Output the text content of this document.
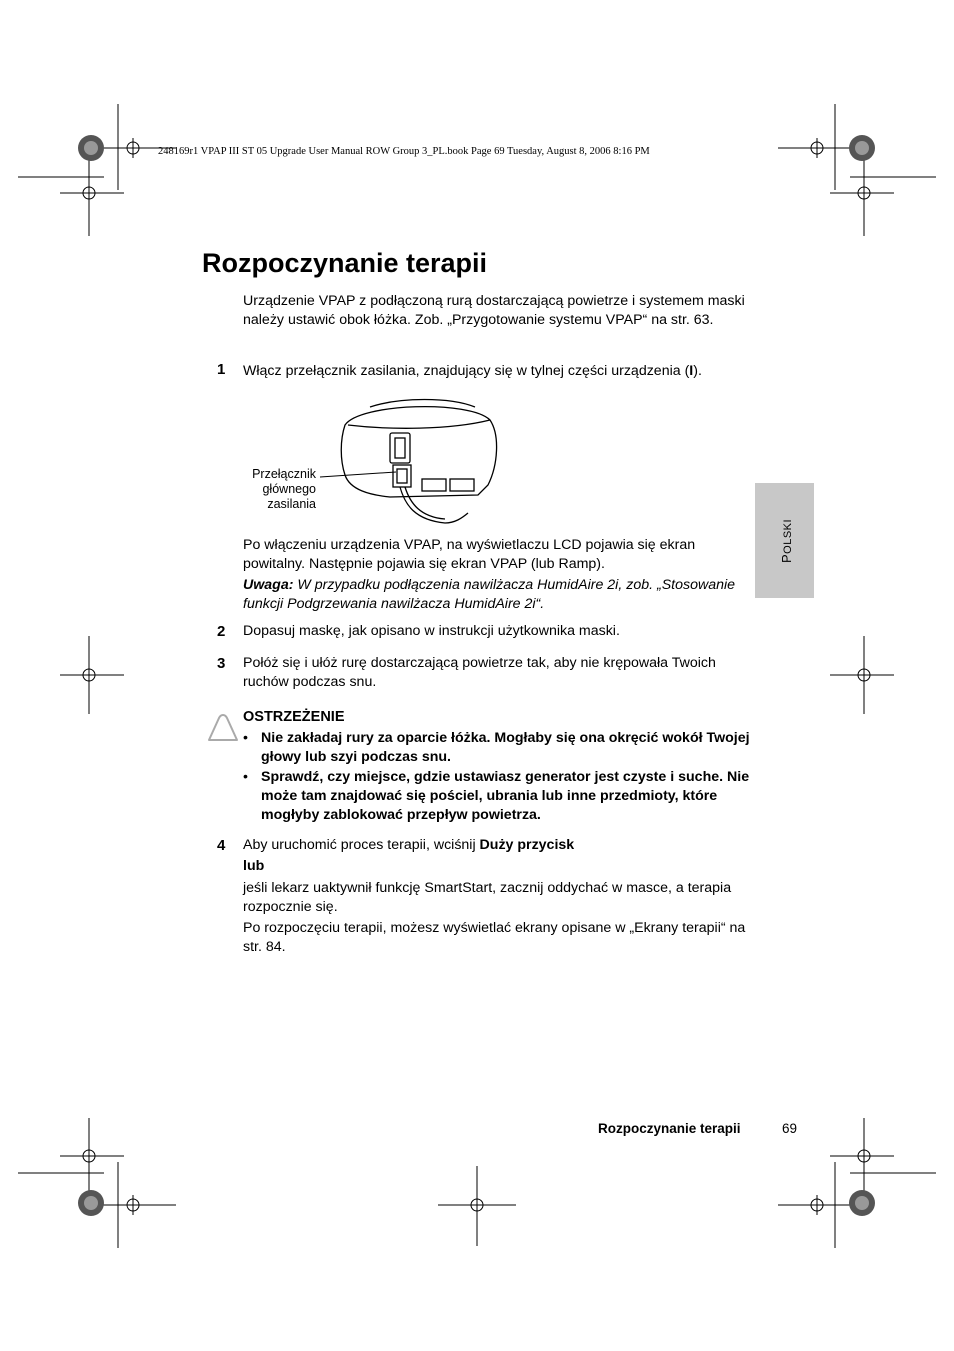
248169r1 VPAP III ST 05 Upgrade User Manual ROW Group 3_PL.book Page 69 Tuesday, August 8, 2006 8:16 PM
Rozpoczynanie terapii
Urządzenie VPAP z podłączoną rurą dostarczającą powietrze i systemem maski należy ustawić obok łóżka. Zob. „Przygotowanie systemu VPAP“ na str. 63.
1 Włącz przełącznik zasilania, znajdujący się w tylnej części urządzenia (I).
Przełącznik
głównego
zasilania
Po włączeniu urządzenia VPAP, na wyświetlaczu LCD pojawia się ekran powitalny. Następnie pojawia się ekran VPAP (lub Ramp).
Uwaga: W przypadku podłączenia nawilżacza HumidAire 2i, zob. „Stosowanie funkcji Podgrzewania nawilżacza HumidAire 2i“.
2 Dopasuj maskę, jak opisano w instrukcji użytkownika maski.
3 Połóż się i ułóż rurę dostarczającą powietrze tak, aby nie krępowała Twoich ruchów podczas snu.
OSTRZEŻENIE
• Nie zakładaj rury za oparcie łóżka. Mogłaby się ona okręcić wokół Twojej głowy lub szyi podczas snu.
• Sprawdź, czy miejsce, gdzie ustawiasz generator jest czyste i suche. Nie może tam znajdować się pościel, ubrania lub inne przedmioty, które mogłyby zablokować przepływ powietrza.
4 Aby uruchomić proces terapii, wciśnij Duży przycisk
lub
jeśli lekarz uaktywnił funkcję SmartStart, zacznij oddychać w masce, a terapia rozpocznie się.
Po rozpoczęciu terapii, możesz wyświetlać ekrany opisane w „Ekrany terapii“ na str. 84.
POLSKI
Rozpoczynanie terapii	69
